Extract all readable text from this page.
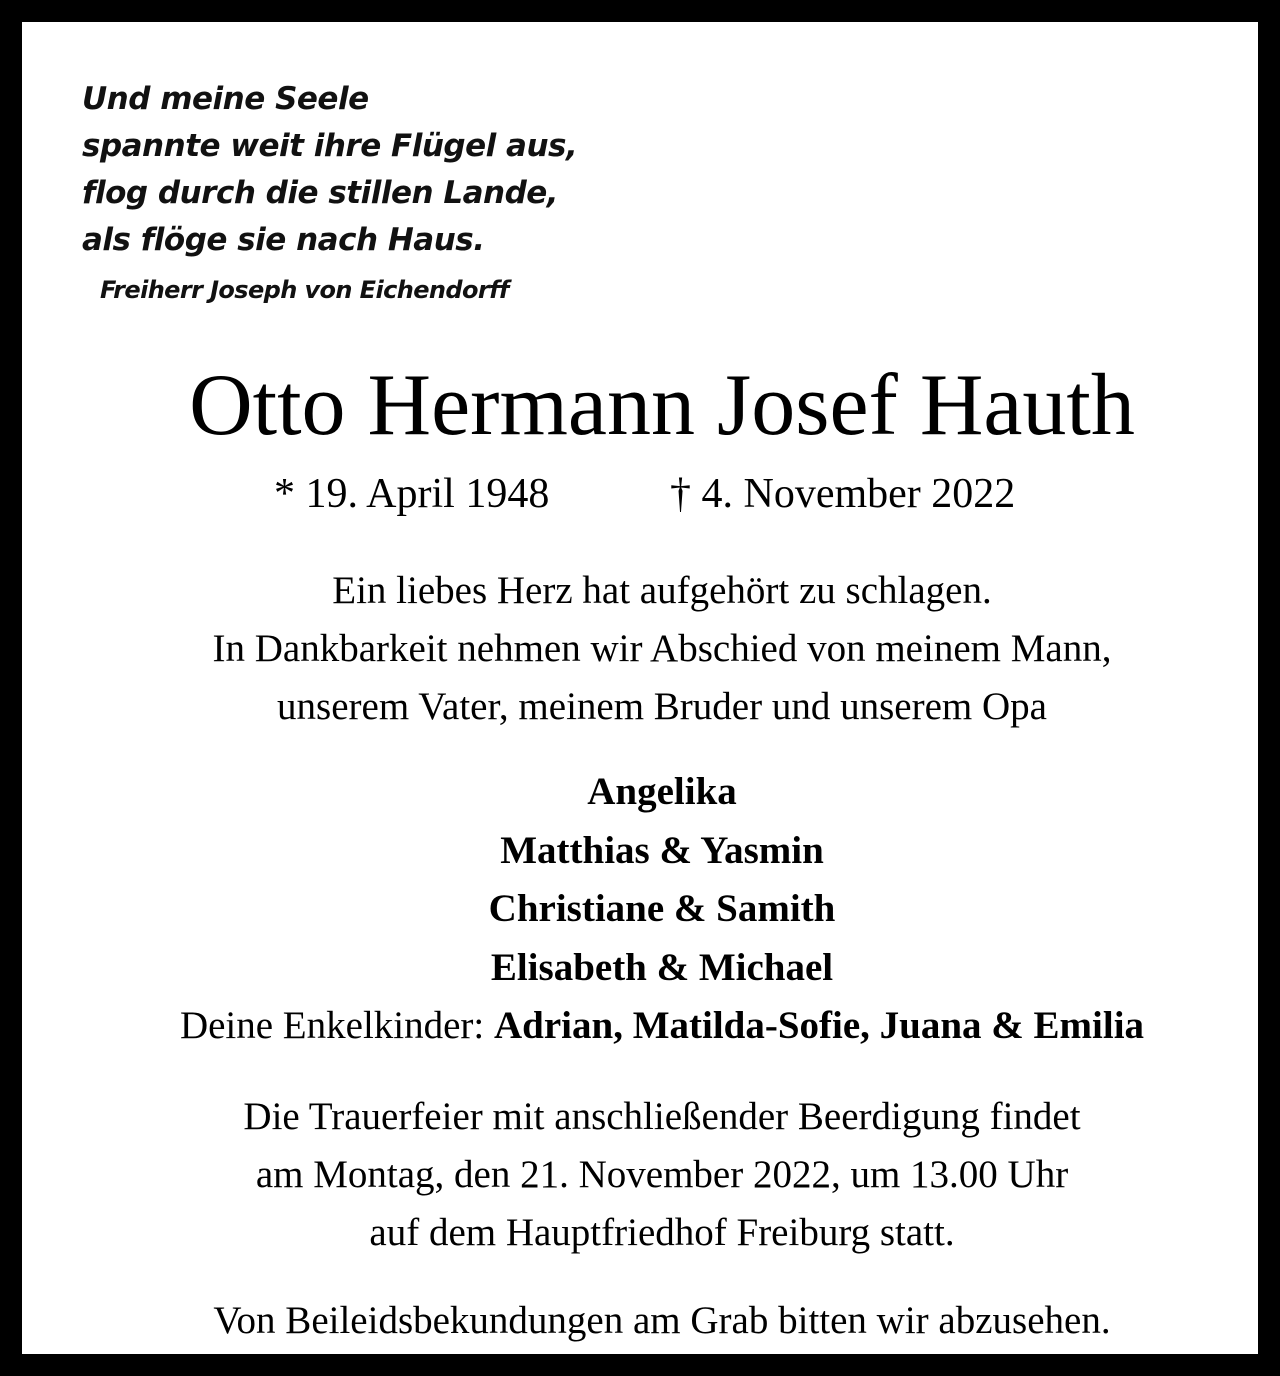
Und meine Seele
spannte weit ihre Flügel aus,
flog durch die stillen Lande,
als flöge sie nach Haus.
Freiherr Joseph von Eichendorff
Otto Hermann Josef Hauth
* 19. April 1948	† 4. November 2022
Ein liebes Herz hat aufgehört zu schlagen.
In Dankbarkeit nehmen wir Abschied von meinem Mann,
unserem Vater, meinem Bruder und unserem Opa
Angelika
Matthias & Yasmin
Christiane & Samith
Elisabeth & Michael
Deine Enkelkinder: Adrian, Matilda-Sofie, Juana & Emilia
Die Trauerfeier mit anschließender Beerdigung findet
am Montag, den 21. November 2022, um 13.00 Uhr
auf dem Hauptfriedhof Freiburg statt.
Von Beileidsbekundungen am Grab bitten wir abzusehen.
